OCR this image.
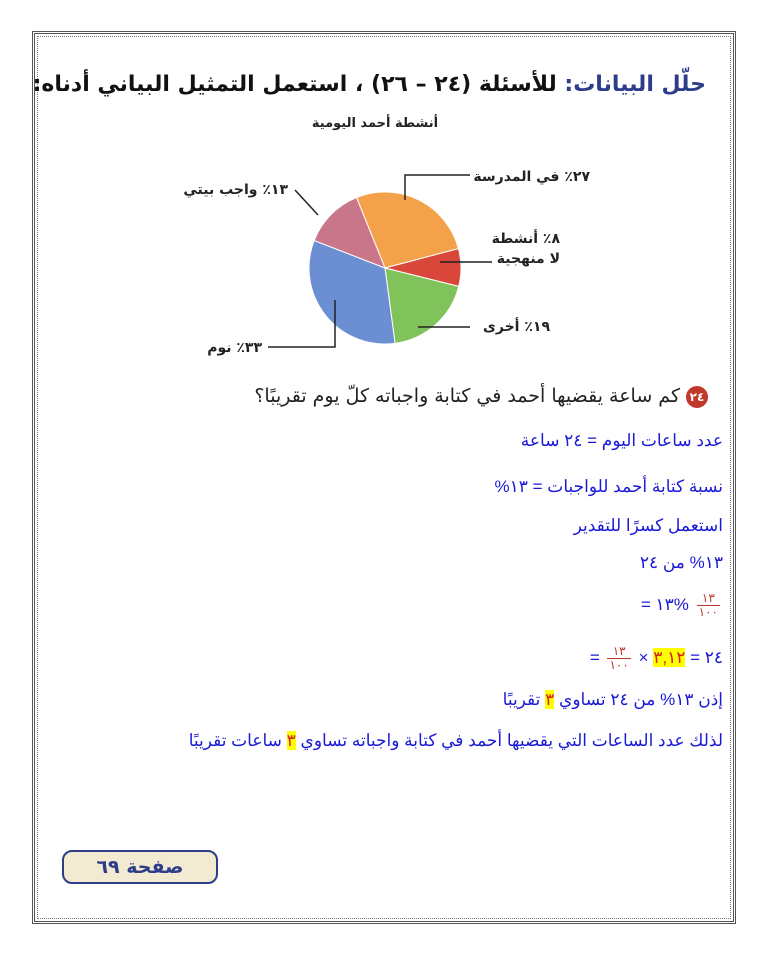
حلّل البيانات: للأسئلة (٢٤ – ٢٦) ، استعمل التمثيل البياني أدناه:
أنشطة أحمد اليومية
٢٧٪ في المدرسة
٨٪ أنشطة
لا منهجية
١٩٪ أخرى
٣٣٪ نوم
١٣٪ واجب بيتي
٢٤كم ساعة يقضيها أحمد في كتابة واجباته كلّ يوم تقريبًا؟
عدد ساعات اليوم = ٢٤ ساعة
نسبة كتابة أحمد للواجبات = ١٣%
استعمل كسرًا للتقدير
١٣% من ٢٤
= ١٣% $\frac{١٣}{١٠٠}$
= $\frac{١٣}{١٠٠}$ × ٢٤ = ٣,١٢
إذن ١٣% من ٢٤ تساوي ٣ تقريبًا
لذلك عدد الساعات التي يقضيها أحمد في كتابة واجباته تساوي ٣ ساعات تقريبًا
صفحة ٦٩
